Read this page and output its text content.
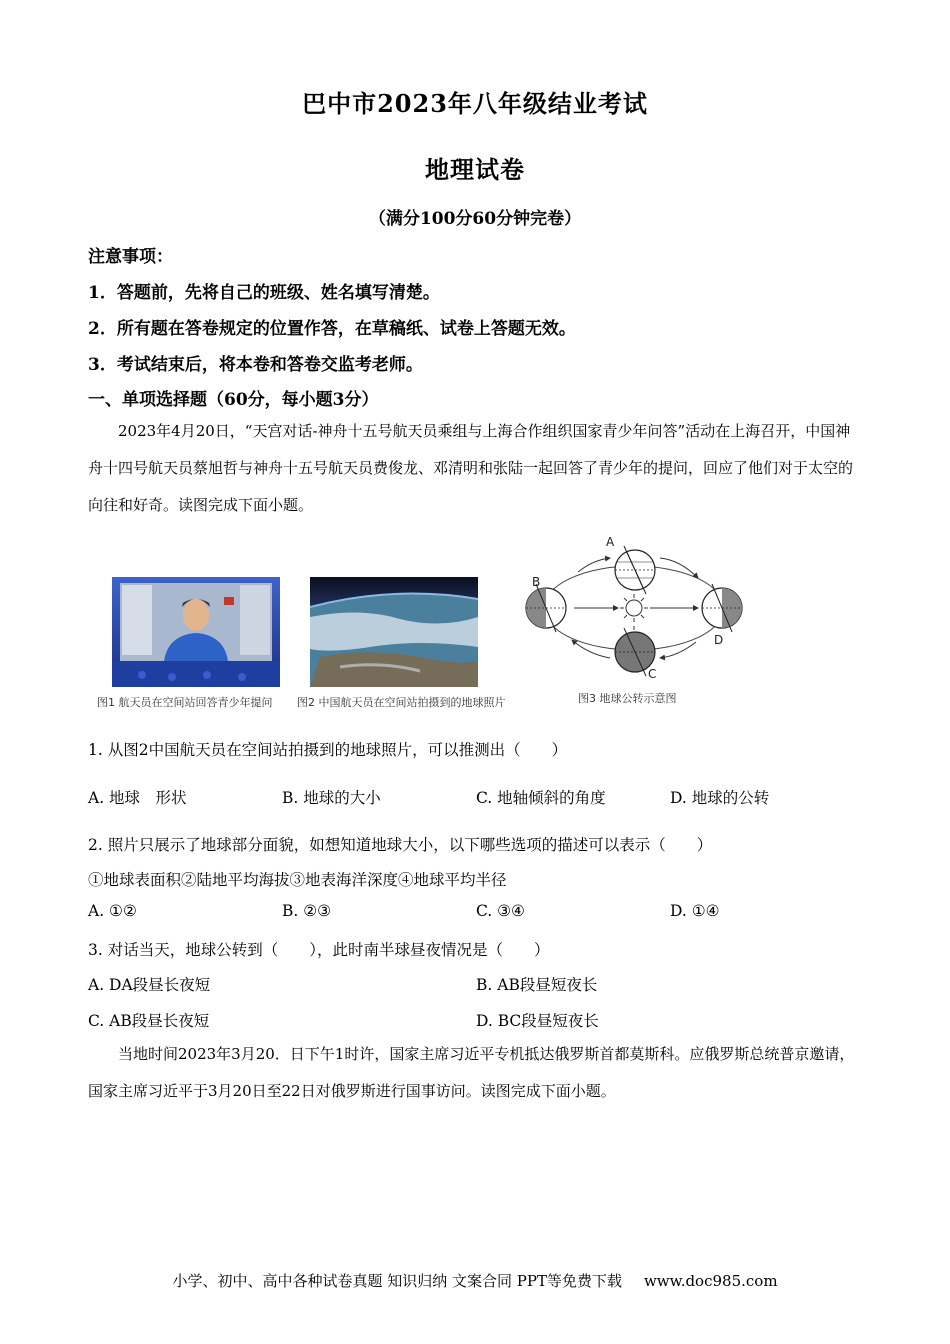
巴中市2023年八年级结业考试
地理试卷
（满分100分60分钟完卷）
注意事项：
1．答题前，先将自己的班级、姓名填写清楚。
2．所有题在答卷规定的位置作答，在草稿纸、试卷上答题无效。
3．考试结束后，将本卷和答卷交监考老师。
一、单项选择题（60分，每小题3分）
2023年4月20日，“天宫对话-神舟十五号航天员乘组与上海合作组织国家青少年问答”活动在上海召开，中国神舟十四号航天员蔡旭哲与神舟十五号航天员费俊龙、邓清明和张陆一起回答了青少年的提问，回应了他们对于太空的向往和好奇。读图完成下面小题。
图1 航天员在空间站回答青少年提问 图2 中国航天员在空间站拍摄到的地球照片
A
B
C
D
图3 地球公转示意图
1. 从图2中国航天员在空间站拍摄到的地球照片，可以推测出（　　）
A. 地球　形状	B. 地球的大小	C. 地轴倾斜的角度	D. 地球的公转
2. 照片只展示了地球部分面貌，如想知道地球大小，以下哪些选项的描述可以表示（　　）
①地球表面积②陆地平均海拔③地表海洋深度④地球平均半径
A. ①②	B. ②③	C. ③④	D. ①④
3. 对话当天，地球公转到（　　），此时南半球昼夜情况是（　　）
A. DA段昼长夜短	B. AB段昼短夜长
C. AB段昼长夜短	D. BC段昼短夜长
当地时间2023年3月20．日下午1时许，国家主席习近平专机抵达俄罗斯首都莫斯科。应俄罗斯总统普京邀请，国家主席习近平于3月20日至22日对俄罗斯进行国事访问。读图完成下面小题。
小学、初中、高中各种试卷真题 知识归纳 文案合同 PPT等免费下载 www.doc985.com
